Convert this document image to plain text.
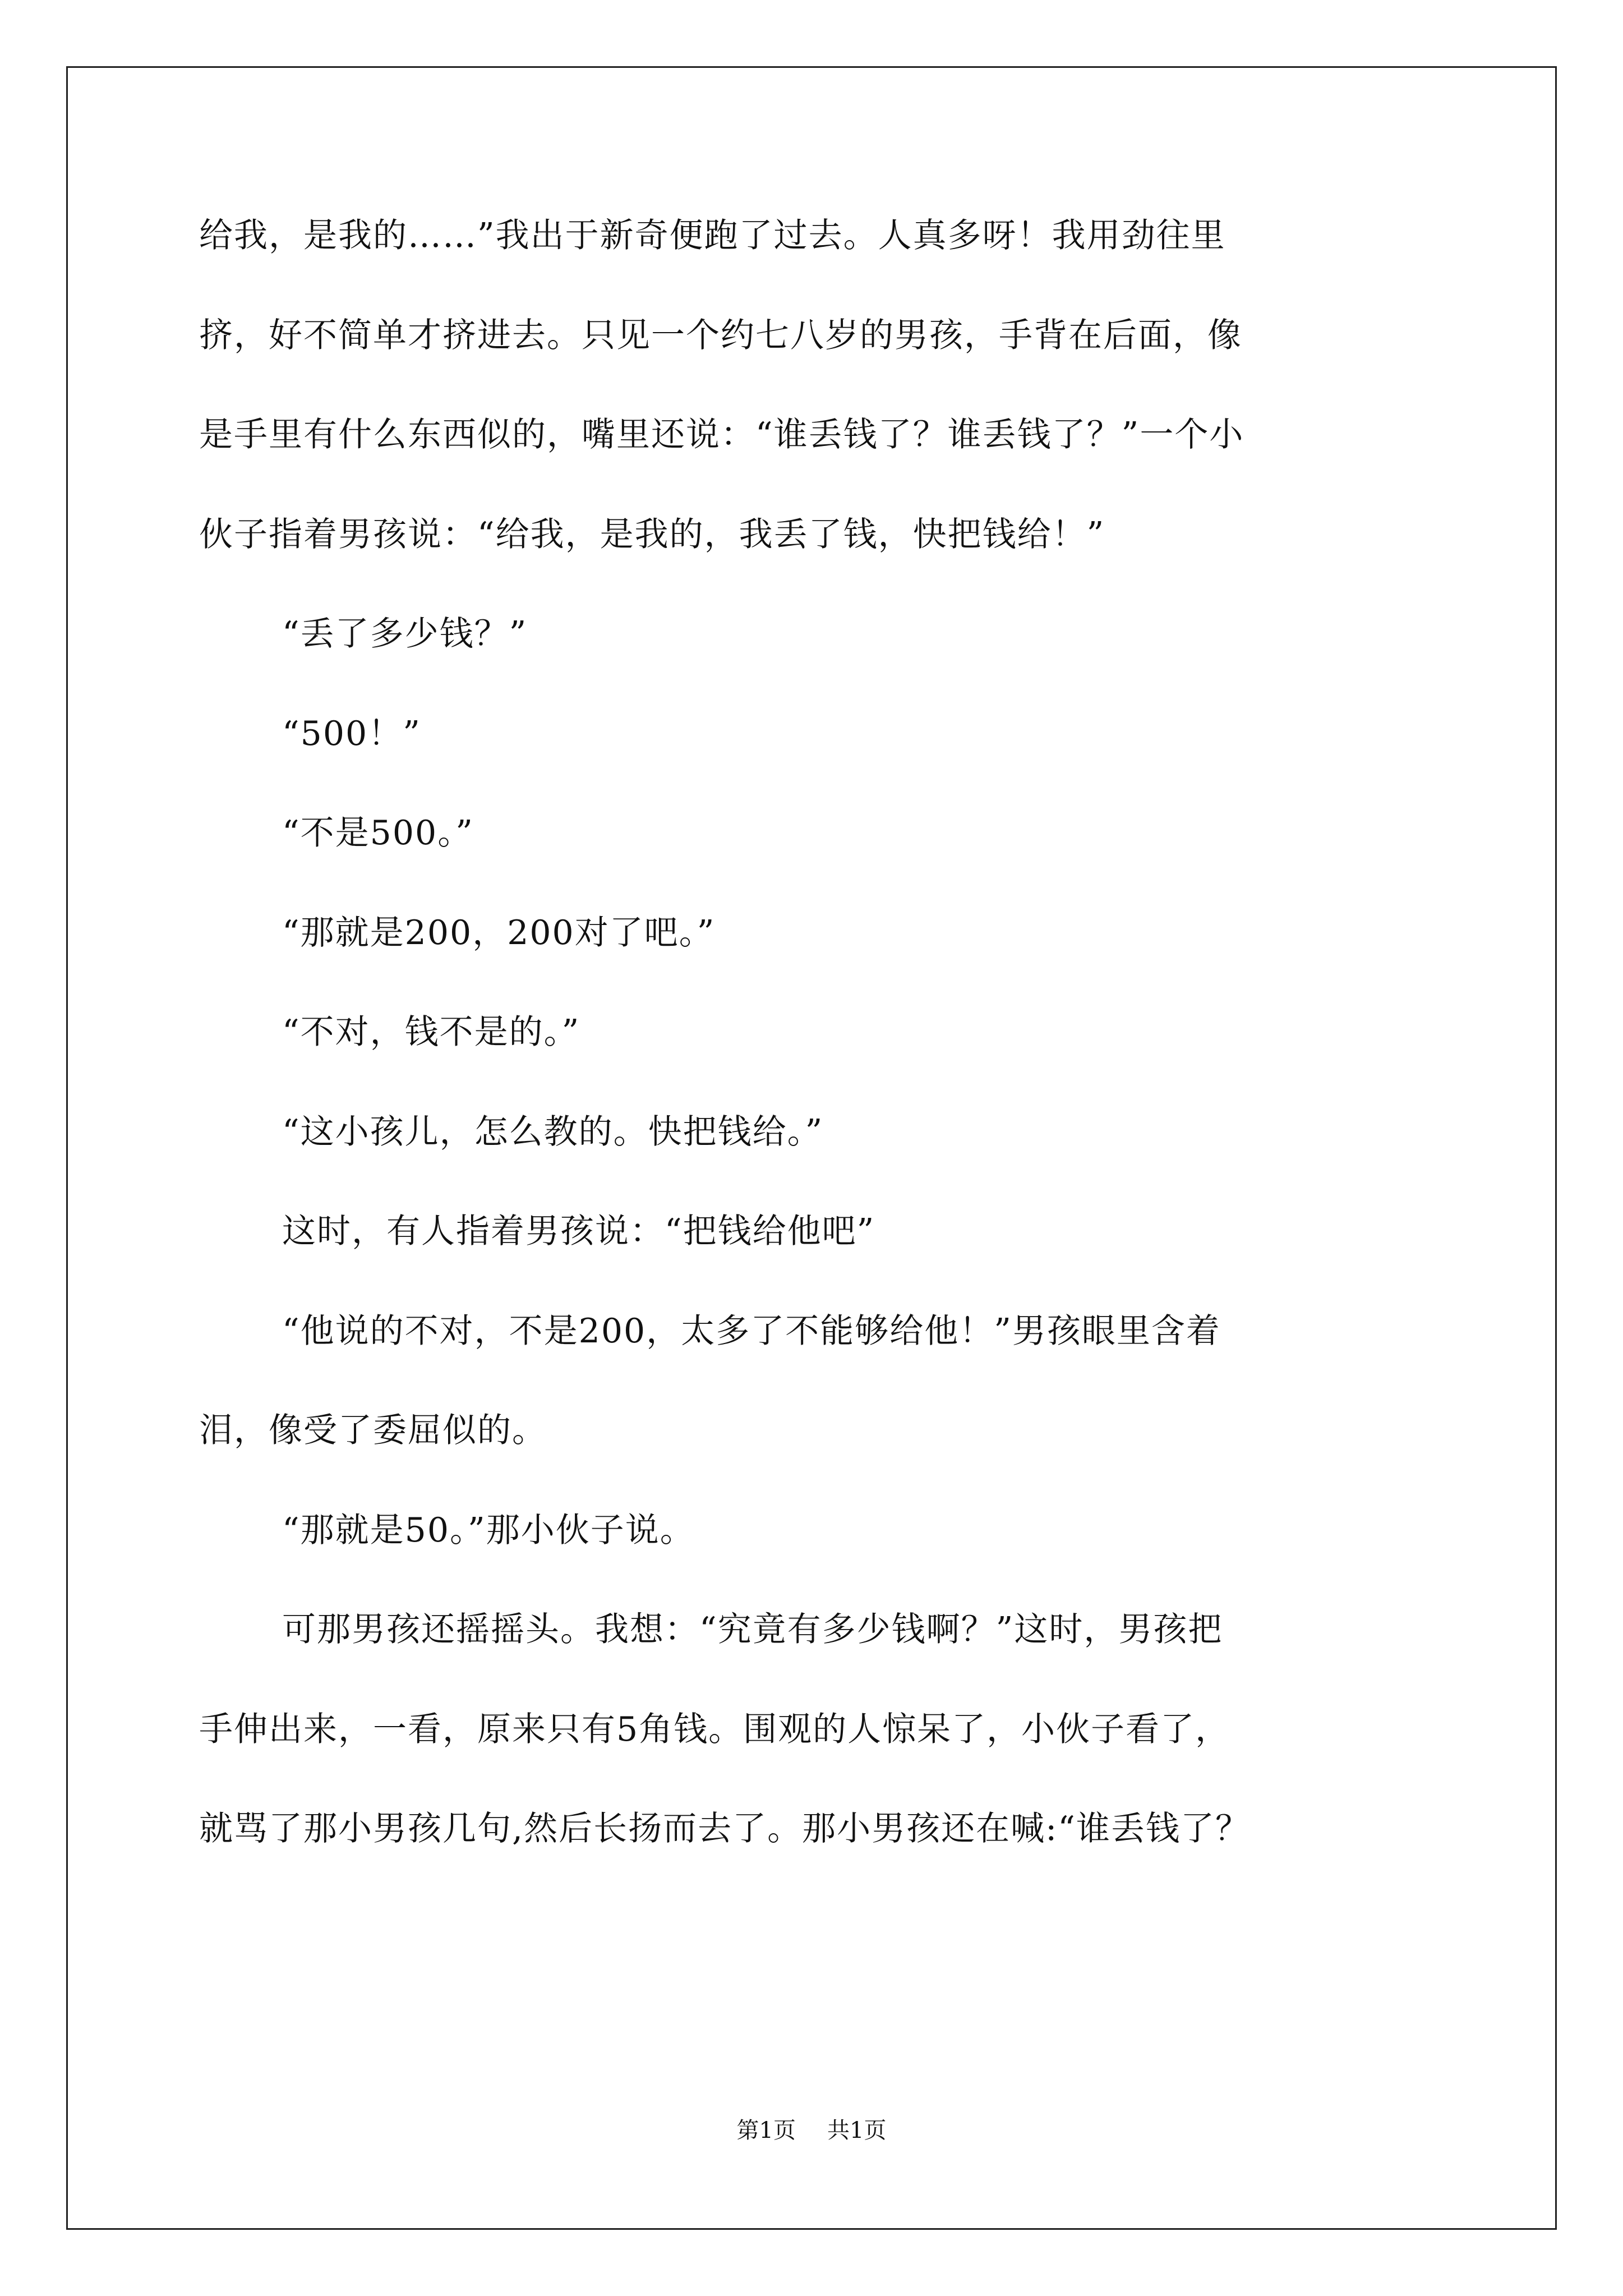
给我，是我的……”我出于新奇便跑了过去。人真多呀！我用劲往里
挤，好不简单才挤进去。只见一个约七八岁的男孩，手背在后面，像
是手里有什么东西似的，嘴里还说：“谁丢钱了？谁丢钱了？”一个小
伙子指着男孩说：“给我，是我的，我丢了钱，快把钱给！”
“丢了多少钱？”
“500！”
“不是500。”
“那就是200，200对了吧。”
“不对，钱不是的。”
“这小孩儿，怎么教的。快把钱给。”
这时，有人指着男孩说：“把钱给他吧”
“他说的不对，不是200，太多了不能够给他！”男孩眼里含着
泪，像受了委屈似的。
“那就是50。”那小伙子说。
可那男孩还摇摇头。我想：“究竟有多少钱啊？”这时，男孩把
手伸出来，一看，原来只有5角钱。围观的人惊呆了，小伙子看了，
就骂了那小男孩几句,然后长扬而去了。那小男孩还在喊:“谁丢钱了？
第1页 共1页
